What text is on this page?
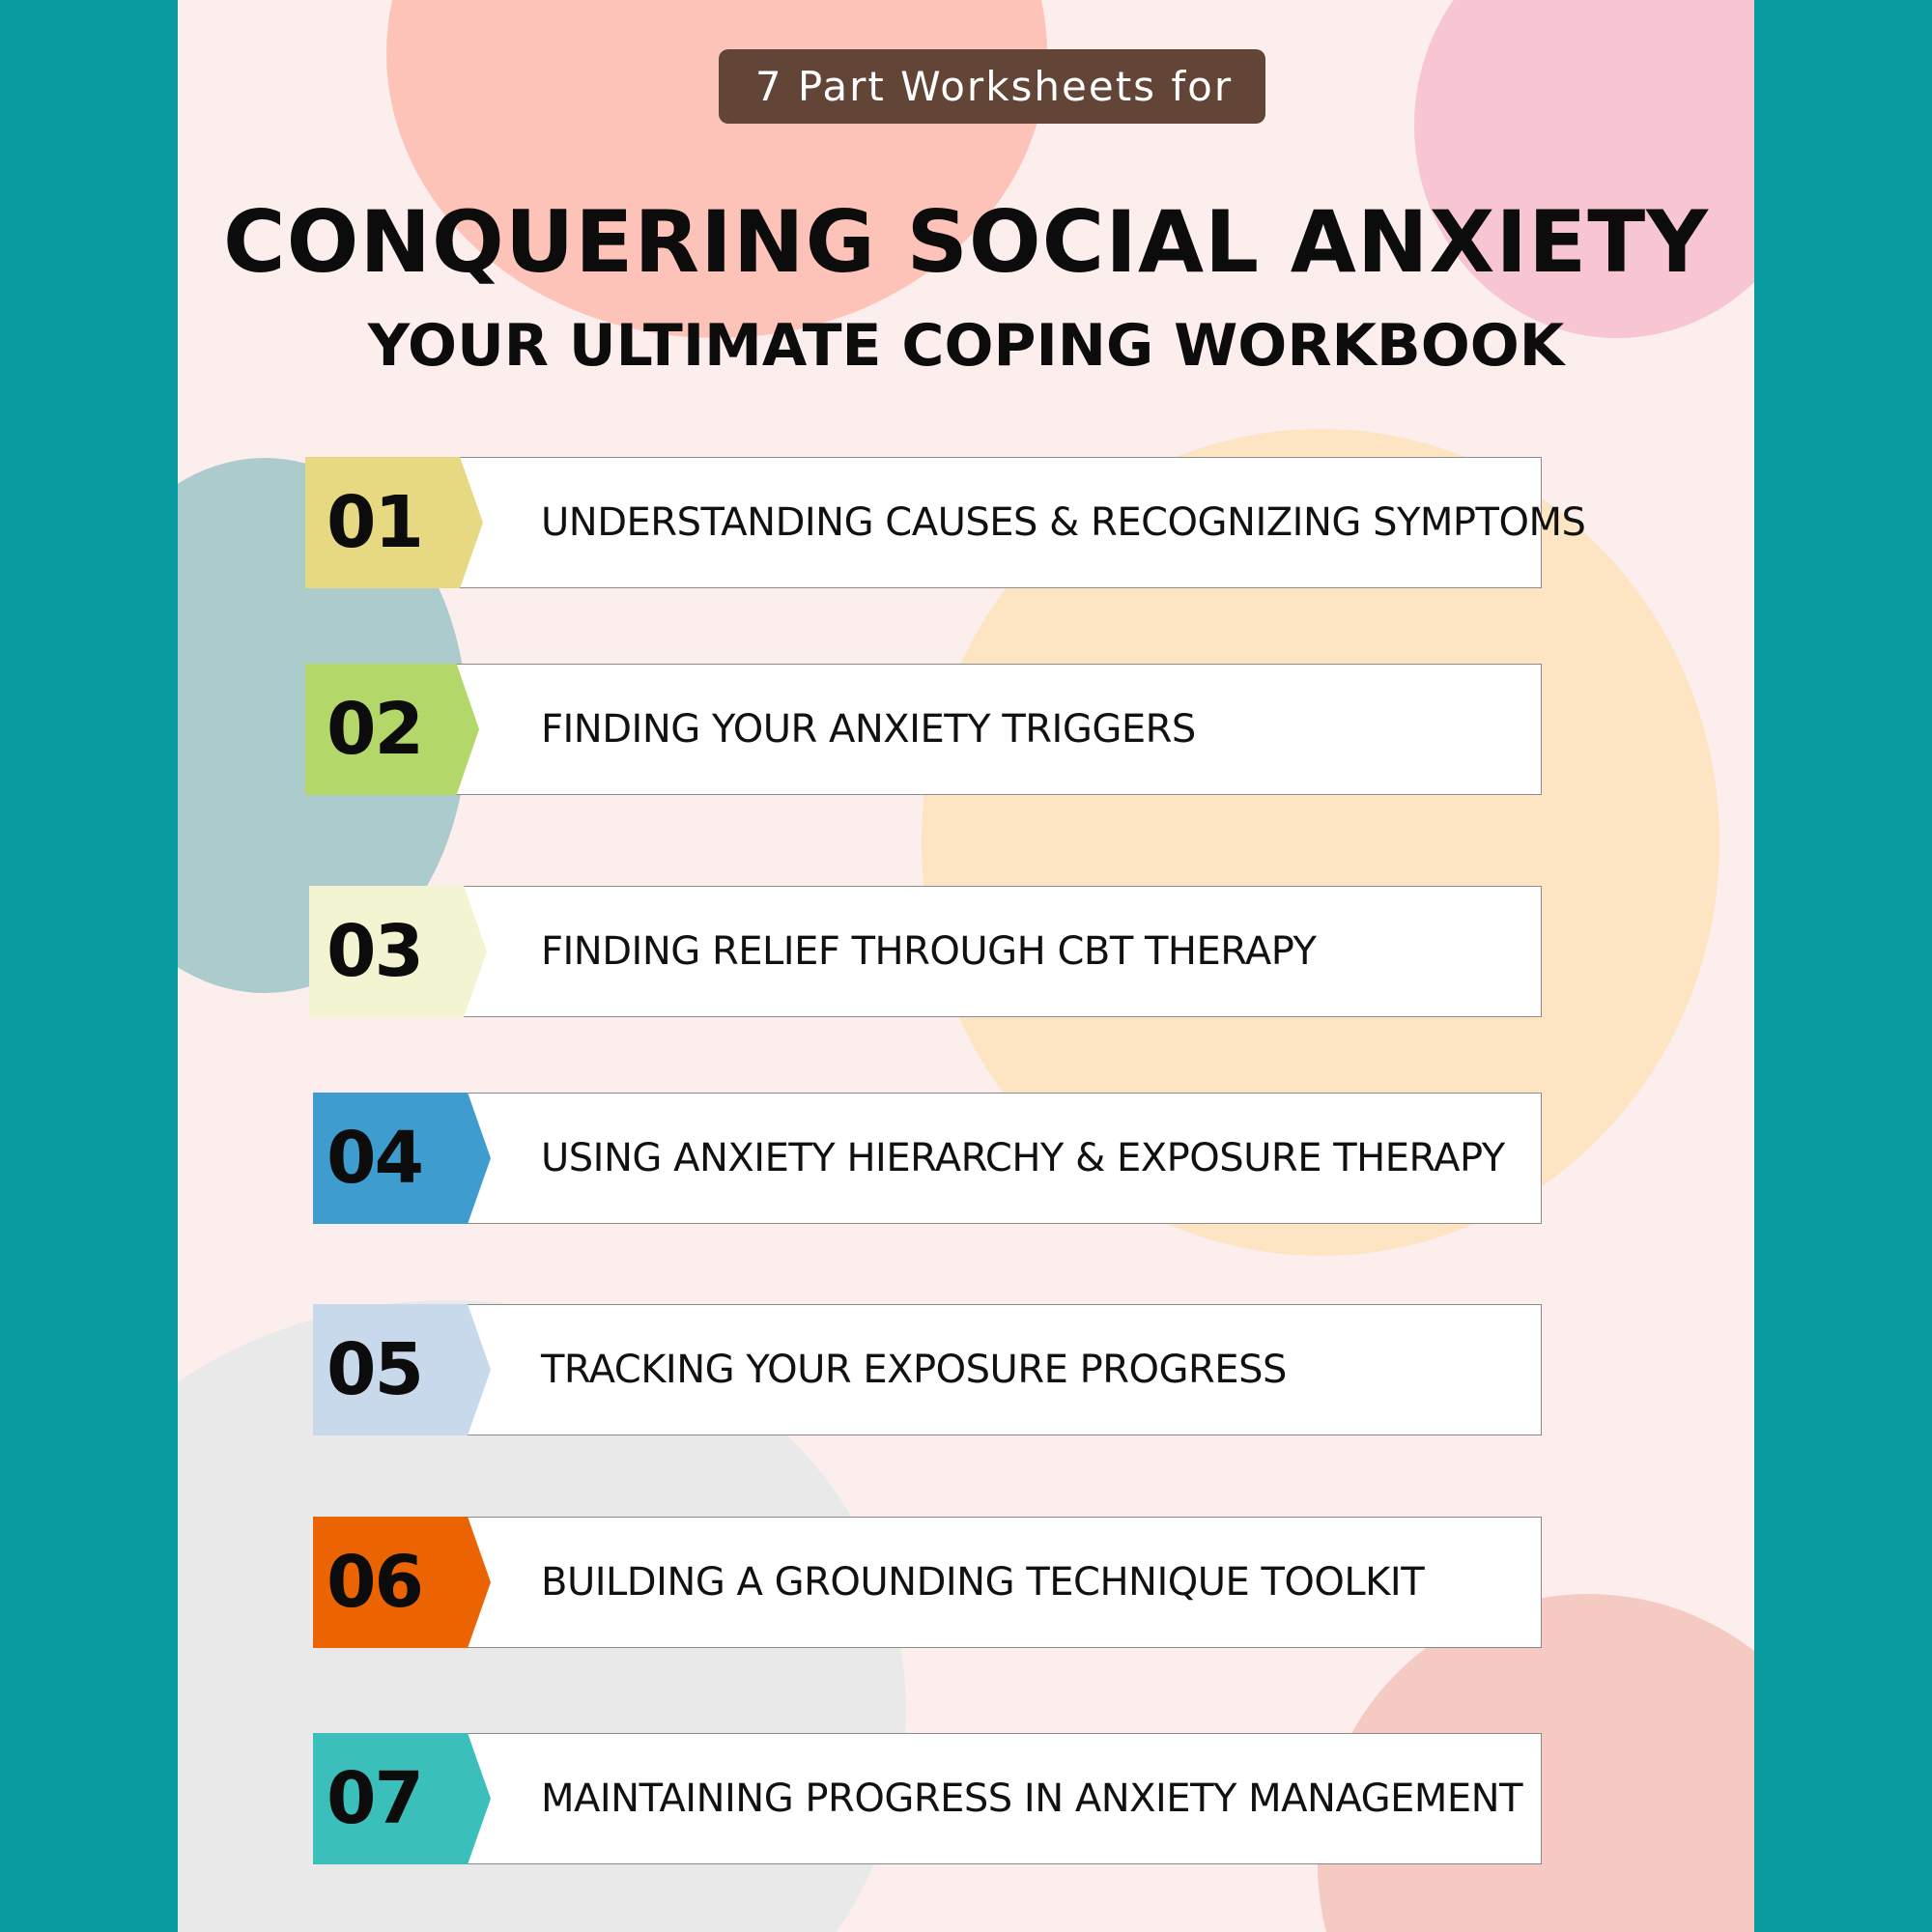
7 Part Worksheets for
CONQUERING SOCIAL ANXIETY
YOUR ULTIMATE COPING WORKBOOK
01	UNDERSTANDING CAUSES & RECOGNIZING SYMPTOMS
02	FINDING YOUR ANXIETY TRIGGERS
03	FINDING RELIEF THROUGH CBT THERAPY
04	USING ANXIETY HIERARCHY & EXPOSURE THERAPY
05	TRACKING YOUR EXPOSURE PROGRESS
06	BUILDING A GROUNDING TECHNIQUE TOOLKIT
07	MAINTAINING PROGRESS IN ANXIETY MANAGEMENT
